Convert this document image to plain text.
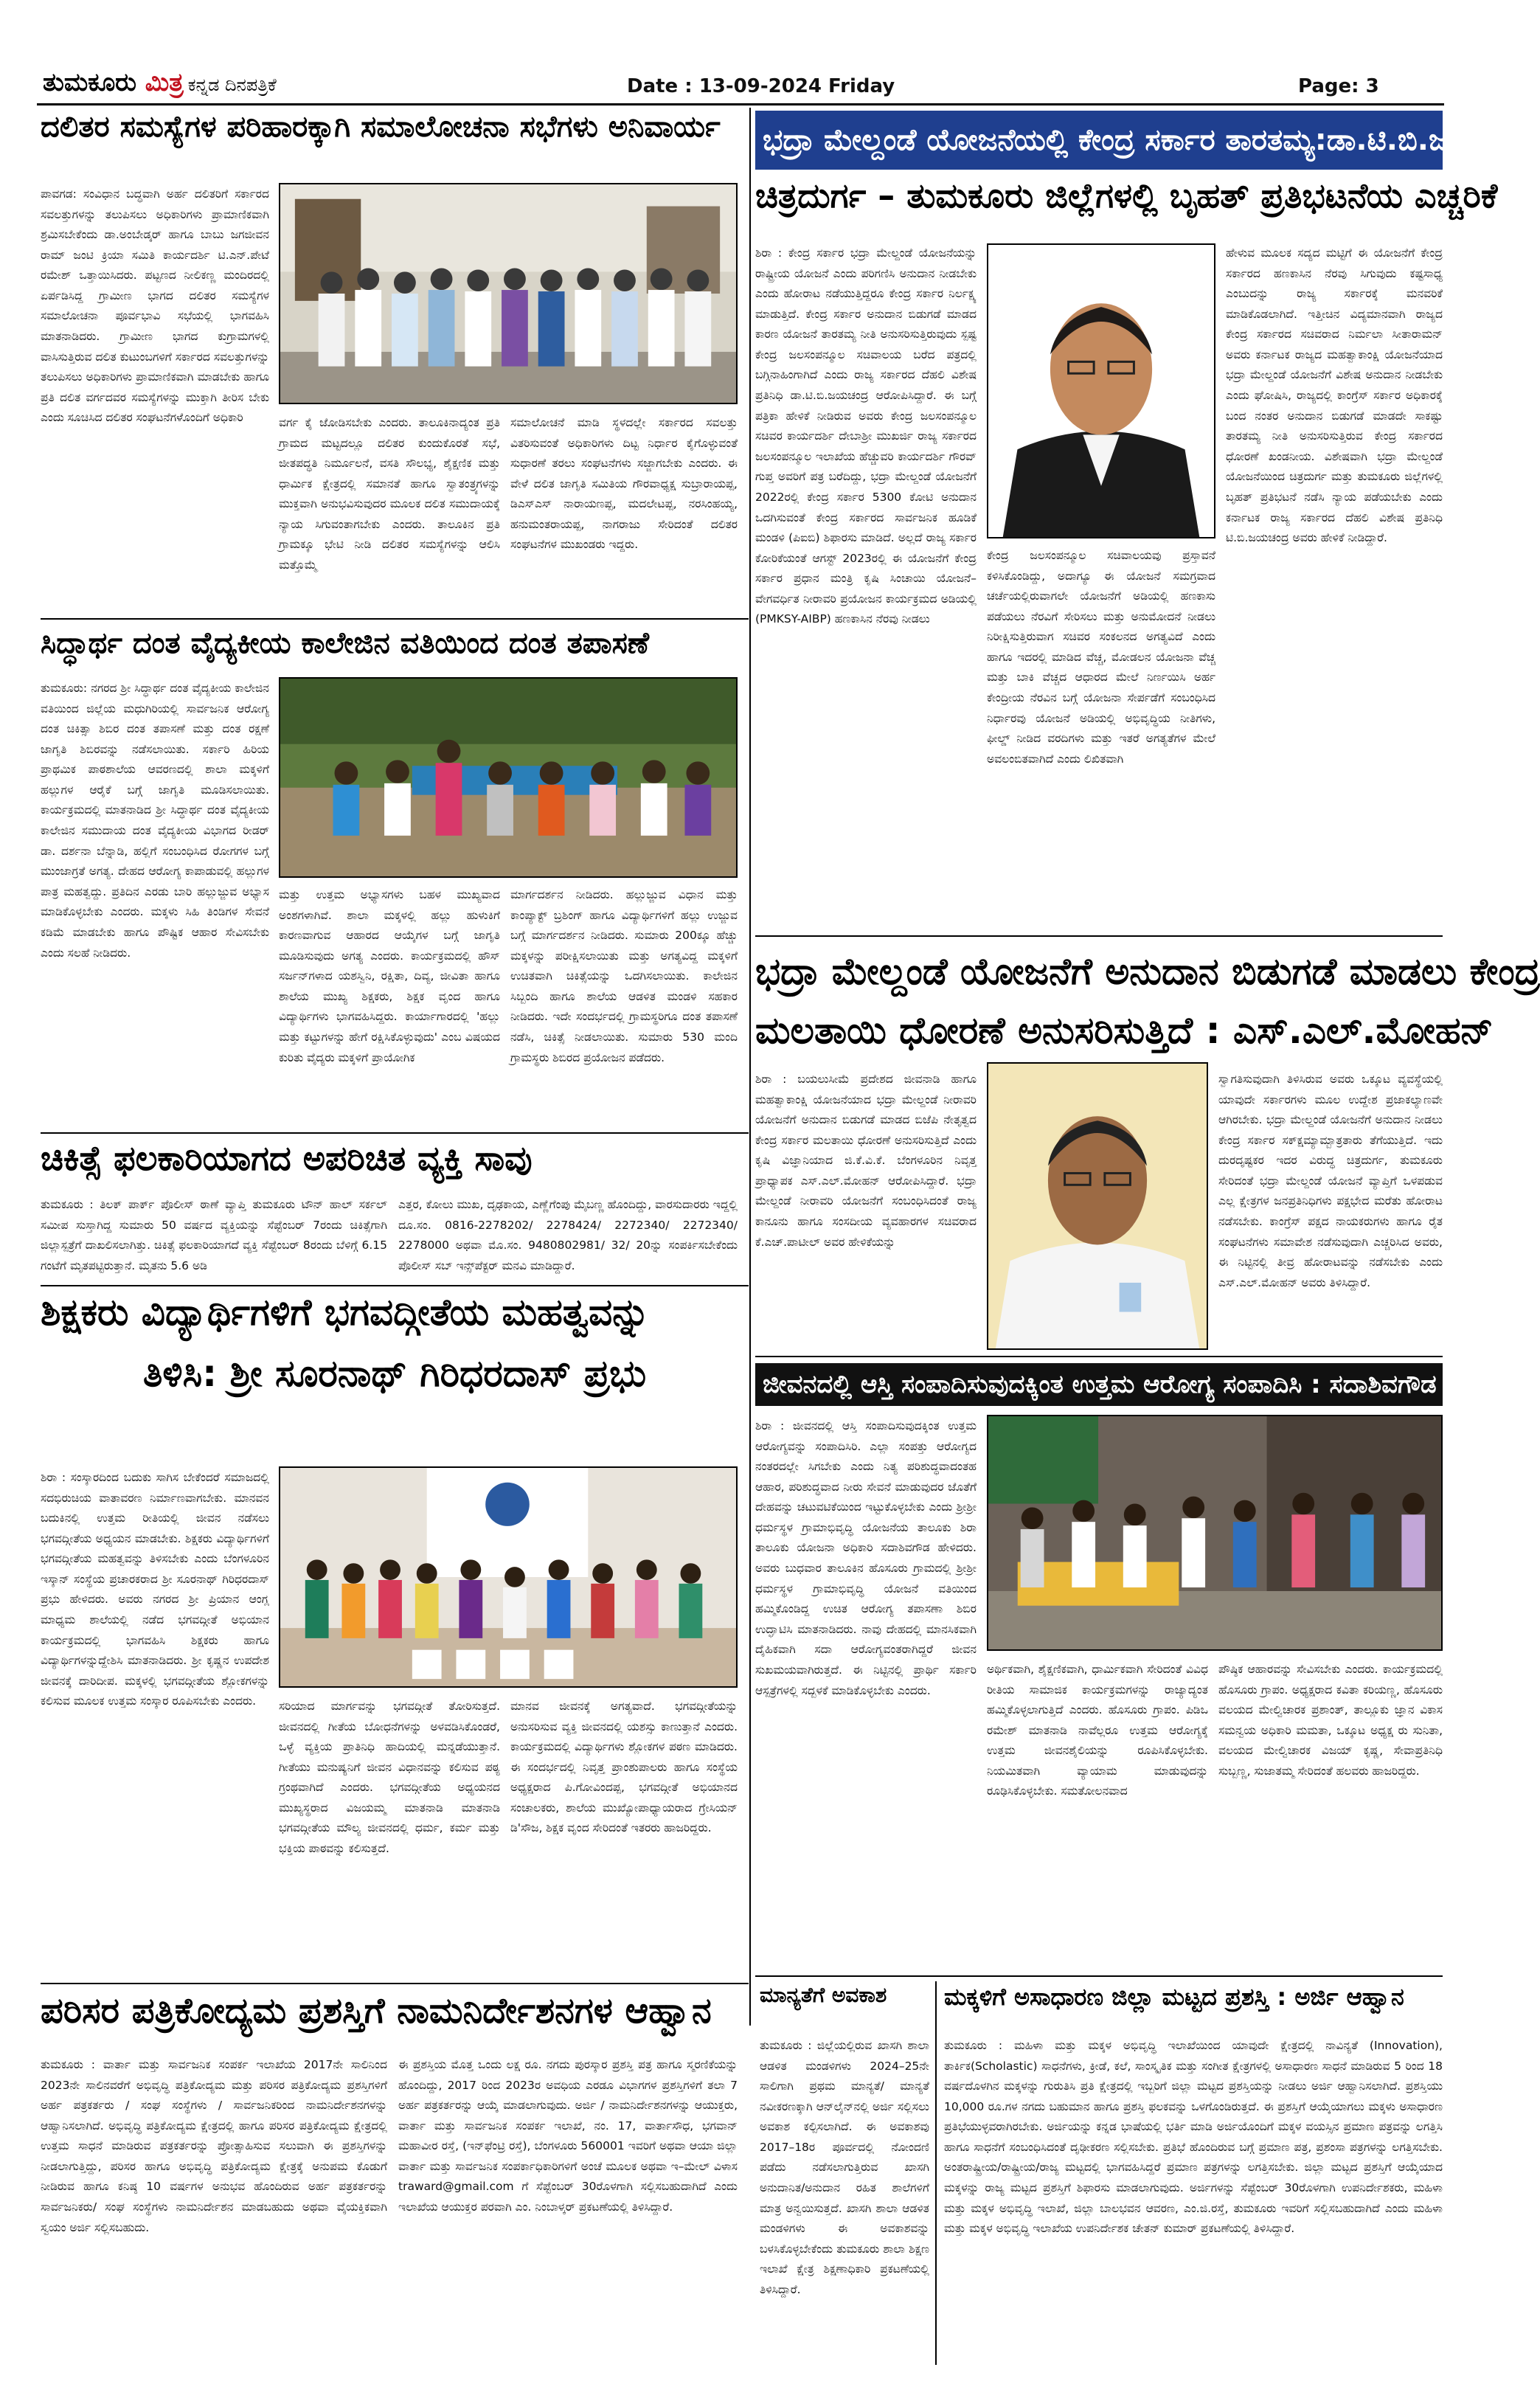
ತುಮಕೂರು ಮಿತ್ರ ಕನ್ನಡ ದಿನಪತ್ರಿಕೆ	Date : 13-09-2024 Friday	Page: 3
ದಲಿತರ ಸಮಸ್ಯೆಗಳ ಪರಿಹಾರಕ್ಕಾಗಿ ಸಮಾಲೋಚನಾ ಸಭೆಗಳು ಅನಿವಾರ್ಯ
ಪಾವಗಡ: ಸಂವಿಧಾನ ಬದ್ಧವಾಗಿ ಅರ್ಹ ದಲಿತರಿಗೆ ಸರ್ಕಾರದ ಸವಲತ್ತುಗಳನ್ನು ತಲುಪಿಸಲು ಅಧಿಕಾರಿಗಳು ಪ್ರಾಮಾಣಿಕವಾಗಿ ಶ್ರಮಿಸಬೇಕೆಂದು ಡಾ.ಅಂಬೇಡ್ಕರ್ ಹಾಗೂ ಬಾಬು ಜಗಜೀವನ ರಾಮ್ ಜಂಟಿ ಕ್ರಿಯಾ ಸಮಿತಿ ಕಾರ್ಯದರ್ಶಿ ಟಿ.ಎನ್.ಪೇಟೆ ರಮೇಶ್ ಒತ್ತಾಯಿಸಿದರು. ಪಟ್ಟಣದ ನೀಲಿಕಣ್ಣ ಮಂದಿರದಲ್ಲಿ ಏರ್ಪಡಿಸಿದ್ದ ಗ್ರಾಮೀಣ ಭಾಗದ ದಲಿತರ ಸಮಸ್ಯೆಗಳ ಸಮಾಲೋಚನಾ ಪೂರ್ವಭಾವಿ ಸಭೆಯಲ್ಲಿ ಭಾಗವಹಿಸಿ ಮಾತನಾಡಿದರು. ಗ್ರಾಮೀಣ ಭಾಗದ ಕುಗ್ರಾಮಗಳಲ್ಲಿ ವಾಸಿಸುತ್ತಿರುವ ದಲಿತ ಕುಟುಂಬಗಳಿಗೆ ಸರ್ಕಾರದ ಸವಲತ್ತುಗಳನ್ನು ತಲುಪಿಸಲು ಅಧಿಕಾರಿಗಳು ಪ್ರಾಮಾಣಿಕವಾಗಿ ಮಾಡಬೇಕು ಹಾಗೂ ಪ್ರತಿ ದಲಿತ ವರ್ಗದವರ ಸಮಸ್ಯೆಗಳನ್ನು ಮುಕ್ತಾಗಿ ತೀರಿಸ ಬೇಕು ಎಂದು ಸೂಚಿಸಿದ ದಲಿತರ ಸಂಘಟನೆಗಳೊಂದಿಗೆ ಅಧಿಕಾರಿ	ವರ್ಗ ಕೈ ಜೋಡಿಸಬೇಕು ಎಂದರು. ತಾಲೂಕಿನಾದ್ಯಂತ ಪ್ರತಿ ಗ್ರಾಮದ ಮಟ್ಟದಲ್ಲೂ ದಲಿತರ ಕುಂದುಕೊರತೆ ಸಭೆ, ಜೀತಪದ್ಧತಿ ನಿರ್ಮೂಲನೆ, ವಸತಿ ಸೌಲಭ್ಯ, ಶೈಕ್ಷಣಿಕ ಮತ್ತು ಧಾರ್ಮಿಕ ಕ್ಷೇತ್ರದಲ್ಲಿ ಸಮಾನತೆ ಹಾಗೂ ಸ್ವಾತಂತ್ರ್ಯಗಳನ್ನು ಮುಕ್ತವಾಗಿ ಅನುಭವಿಸುವುದರ ಮೂಲಕ ದಲಿತ ಸಮುದಾಯಕ್ಕೆ ನ್ಯಾಯ ಸಿಗುವಂತಾಗಬೇಕು ಎಂದರು. ತಾಲೂಕಿನ ಪ್ರತಿ ಗ್ರಾಮಕ್ಕೂ ಭೇಟಿ ನೀಡಿ ದಲಿತರ ಸಮಸ್ಯೆಗಳನ್ನು ಆಲಿಸಿ ಮತ್ತೊಮ್ಮೆ
ಸಮಾಲೋಚನೆ ಮಾಡಿ ಸ್ಥಳದಲ್ಲೇ ಸರ್ಕಾರದ ಸವಲತ್ತು ವಿತರಿಸುವಂತೆ ಅಧಿಕಾರಿಗಳು ದಿಟ್ಟ ನಿರ್ಧಾರ ಕೈಗೊಳ್ಳುವಂತೆ ಸುಧಾರಣೆ ತರಲು ಸಂಘಟನೆಗಳು ಸಜ್ಜಾಗಬೇಕು ಎಂದರು. ಈ ವೇಳೆ ದಲಿತ ಜಾಗೃತಿ ಸಮಿತಿಯ ಗೌರವಾಧ್ಯಕ್ಷ ಸುಬ್ರಾರಾಯಪ್ಪ, ಡಿಎಸ್ಎಸ್ ನಾರಾಯಣಪ್ಪ, ಮದಲೇಟಪ್ಪ, ನರಸಿಂಹಯ್ಯ, ಹನುಮಂತರಾಯಪ್ಪ, ನಾಗರಾಜು ಸೇರಿದಂತೆ ದಲಿತರ ಸಂಘಟನೆಗಳ ಮುಖಂಡರು ಇದ್ದರು.
ಸಿದ್ಧಾರ್ಥ ದಂತ ವೈದ್ಯಕೀಯ ಕಾಲೇಜಿನ ವತಿಯಿಂದ ದಂತ ತಪಾಸಣೆ
ತುಮಕೂರು: ನಗರದ ಶ್ರೀ ಸಿದ್ಧಾರ್ಥ ದಂತ ವೈದ್ಯಕೀಯ ಕಾಲೇಜಿನ ವತಿಯಿಂದ ಜಿಲ್ಲೆಯ ಮಧುಗಿರಿಯಲ್ಲಿ ಸಾರ್ವಜನಿಕ ಆರೋಗ್ಯ ದಂತ ಚಿಕಿತ್ಸಾ ಶಿಬಿರ ದಂತ ತಪಾಸಣೆ ಮತ್ತು ದಂತ ರಕ್ಷಣೆ ಜಾಗೃತಿ ಶಿಬಿರವನ್ನು ನಡೆಸಲಾಯಿತು. ಸರ್ಕಾರಿ ಹಿರಿಯ ಪ್ರಾಥಮಿಕ ಪಾಠಶಾಲೆಯ ಆವರಣದಲ್ಲಿ ಶಾಲಾ ಮಕ್ಕಳಿಗೆ ಹಲ್ಲುಗಳ ಆರೈಕೆ ಬಗ್ಗೆ ಜಾಗೃತಿ ಮೂಡಿಸಲಾಯಿತು. ಕಾರ್ಯಕ್ರಮದಲ್ಲಿ ಮಾತನಾಡಿದ ಶ್ರೀ ಸಿದ್ಧಾರ್ಥ ದಂತ ವೈದ್ಯಕೀಯ ಕಾಲೇಜಿನ ಸಮುದಾಯ ದಂತ ವೈದ್ಯಕೀಯ ವಿಭಾಗದ ರೀಡರ್ ಡಾ. ದರ್ಶನಾ ಬೆನ್ನಾಡಿ, ಹಲ್ಲಿಗೆ ಸಂಬಂಧಿಸಿದ ರೋಗಗಳ ಬಗ್ಗೆ ಮುಂಜಾಗ್ರತೆ ಅಗತ್ಯ. ದೇಹದ ಆರೋಗ್ಯ ಕಾಪಾಡುವಲ್ಲಿ ಹಲ್ಲುಗಳ ಪಾತ್ರ ಮಹತ್ವದ್ದು. ಪ್ರತಿದಿನ ಎರಡು ಬಾರಿ ಹಲ್ಲುಜ್ಜುವ ಅಭ್ಯಾಸ ಮಾಡಿಕೊಳ್ಳಬೇಕು ಎಂದರು. ಮಕ್ಕಳು ಸಿಹಿ ತಿಂಡಿಗಳ ಸೇವನೆ ಕಡಿಮೆ ಮಾಡಬೇಕು ಹಾಗೂ ಪೌಷ್ಟಿಕ ಆಹಾರ ಸೇವಿಸಬೇಕು ಎಂದು ಸಲಹೆ ನೀಡಿದರು.
ಮತ್ತು ಉತ್ತಮ ಅಭ್ಯಾಸಗಳು ಬಹಳ ಮುಖ್ಯವಾದ ಅಂಶಗಳಾಗಿವೆ. ಶಾಲಾ ಮಕ್ಕಳಲ್ಲಿ ಹಲ್ಲು ಹುಳುಕಿಗೆ ಕಾರಣವಾಗುವ ಆಹಾರದ ಆಯ್ಕೆಗಳ ಬಗ್ಗೆ ಜಾಗೃತಿ ಮೂಡಿಸುವುದು ಅಗತ್ಯ ಎಂದರು. ಕಾರ್ಯಕ್ರಮದಲ್ಲಿ ಹೌಸ್ ಸರ್ಜನ್‌ಗಳಾದ ಯಶಸ್ವಿನಿ, ರಕ್ಷಿತಾ, ದಿವ್ಯ, ಜೀವಿತಾ ಹಾಗೂ ಶಾಲೆಯ ಮುಖ್ಯ ಶಿಕ್ಷಕರು, ಶಿಕ್ಷಕ ವೃಂದ ಹಾಗೂ ವಿದ್ಯಾರ್ಥಿಗಳು ಭಾಗವಹಿಸಿದ್ದರು. ಕಾರ್ಯಾಗಾರದಲ್ಲಿ 'ಹಲ್ಲು ಮತ್ತು ಕಟ್ಟುಗಳನ್ನು ಹೇಗೆ ರಕ್ಷಿಸಿಕೊಳ್ಳುವುದು' ಎಂಬ ವಿಷಯದ ಕುರಿತು ವೈದ್ಯರು ಮಕ್ಕಳಿಗೆ ಪ್ರಾಯೋಗಿಕ
ಮಾರ್ಗದರ್ಶನ ನೀಡಿದರು. ಹಲ್ಲುಜ್ಜುವ ವಿಧಾನ ಮತ್ತು ಕಾಂಪ್ಯಾಕ್ಟ್ ಬ್ರಶಿಂಗ್ ಹಾಗೂ ವಿದ್ಯಾರ್ಥಿಗಳಿಗೆ ಹಲ್ಲು ಉಜ್ಜುವ ಬಗ್ಗೆ ಮಾರ್ಗದರ್ಶನ ನೀಡಿದರು. ಸುಮಾರು 200ಕ್ಕೂ ಹೆಚ್ಚು ಮಕ್ಕಳನ್ನು ಪರೀಕ್ಷಿಸಲಾಯಿತು ಮತ್ತು ಅಗತ್ಯವಿದ್ದ ಮಕ್ಕಳಿಗೆ ಉಚಿತವಾಗಿ ಚಿಕಿತ್ಸೆಯನ್ನು ಒದಗಿಸಲಾಯಿತು. ಕಾಲೇಜಿನ ಸಿಬ್ಬಂದಿ ಹಾಗೂ ಶಾಲೆಯ ಆಡಳಿತ ಮಂಡಳಿ ಸಹಕಾರ ನೀಡಿದರು. ಇದೇ ಸಂದರ್ಭದಲ್ಲಿ ಗ್ರಾಮಸ್ಥರಿಗೂ ದಂತ ತಪಾಸಣೆ ನಡೆಸಿ, ಚಿಕಿತ್ಸೆ ನೀಡಲಾಯಿತು. ಸುಮಾರು 530 ಮಂದಿ ಗ್ರಾಮಸ್ಥರು ಶಿಬಿರದ ಪ್ರಯೋಜನ ಪಡೆದರು.
ಚಿಕಿತ್ಸೆ ಫಲಕಾರಿಯಾಗದ ಅಪರಿಚಿತ ವ್ಯಕ್ತಿ ಸಾವು
ತುಮಕೂರು : ತಿಲಕ್ ಪಾರ್ಕ್ ಪೊಲೀಸ್ ಠಾಣೆ ವ್ಯಾಪ್ತಿ ತುಮಕೂರು ಟೌನ್ ಹಾಲ್ ಸರ್ಕಲ್ ಸಮೀಪ ಸುಸ್ತಾಗಿದ್ದ ಸುಮಾರು 50 ವರ್ಷದ ವ್ಯಕ್ತಿಯನ್ನು ಸೆಪ್ಟೆಂಬರ್ 7ರಂದು ಚಿಕಿತ್ಸೆಗಾಗಿ ಜಿಲ್ಲಾಸ್ಪತ್ರೆಗೆ ದಾಖಲಿಸಲಾಗಿತ್ತು. ಚಿಕಿತ್ಸೆ ಫಲಕಾರಿಯಾಗದೆ ವ್ಯಕ್ತಿ ಸೆಪ್ಟೆಂಬರ್ 8ರಂದು ಬೆಳಿಗ್ಗೆ 6.15 ಗಂಟೆಗೆ ಮೃತಪಟ್ಟಿರುತ್ತಾನೆ. ಮೃತನು 5.6 ಅಡಿ
ಎತ್ತರ, ಕೋಲು ಮುಖ, ದೃಢಕಾಯ, ಎಣ್ಣೆಗೆಂಪು ಮೈಬಣ್ಣ ಹೊಂದಿದ್ದು, ವಾರಸುದಾರರು ಇದ್ದಲ್ಲಿ ದೂ.ಸಂ. 0816-2278202/ 2278424/ 2272340/ 2272340/ 2278000 ಅಥವಾ ಮೊ.ಸಂ. 9480802981/ 32/ 20ನ್ನು ಸಂಪರ್ಕಿಸಬೇಕೆಂದು ಪೊಲೀಸ್ ಸಬ್ ಇನ್ಸ್‌ಪೆಕ್ಟರ್ ಮನವಿ ಮಾಡಿದ್ದಾರೆ.
ಶಿಕ್ಷಕರು ವಿದ್ಯಾರ್ಥಿಗಳಿಗೆ ಭಗವದ್ಗೀತೆಯ ಮಹತ್ವವನ್ನು
ತಿಳಿಸಿ: ಶ್ರೀ ಸೂರನಾಥ್ ಗಿರಿಧರದಾಸ್ ಪ್ರಭು
ಶಿರಾ : ಸಂಸ್ಕಾರದಿಂದ ಬದುಕು ಸಾಗಿಸ ಬೇಕೆಂದರೆ ಸಮಾಜದಲ್ಲಿ ಸದಭಿರುಚಿಯ ವಾತಾವರಣ ನಿರ್ಮಾಣವಾಗಬೇಕು. ಮಾನವನ ಬದುಕಿನಲ್ಲಿ ಉತ್ತಮ ರೀತಿಯಲ್ಲಿ ಜೀವನ ನಡೆಸಲು ಭಗವದ್ಗೀತೆಯ ಅಧ್ಯಯನ ಮಾಡಬೇಕು. ಶಿಕ್ಷಕರು ವಿದ್ಯಾರ್ಥಿಗಳಿಗೆ ಭಗವದ್ಗೀತೆಯ ಮಹತ್ವವನ್ನು ತಿಳಿಸಬೇಕು ಎಂದು ಬೆಂಗಳೂರಿನ ಇಸ್ಕಾನ್ ಸಂಸ್ಥೆಯ ಪ್ರಚಾರಕರಾದ ಶ್ರೀ ಸೂರನಾಥ್ ಗಿರಿಧರದಾಸ್ ಪ್ರಭು ಹೇಳಿದರು. ಅವರು ನಗರದ ಶ್ರೀ ಪ್ರಿಯಾನ ಆಂಗ್ಲ ಮಾಧ್ಯಮ ಶಾಲೆಯಲ್ಲಿ ನಡೆದ ಭಗವದ್ಗೀತೆ ಅಭಿಯಾನ ಕಾರ್ಯಕ್ರಮದಲ್ಲಿ ಭಾಗವಹಿಸಿ ಶಿಕ್ಷಕರು ಹಾಗೂ ವಿದ್ಯಾರ್ಥಿಗಳನ್ನುದ್ದೇಶಿಸಿ ಮಾತನಾಡಿದರು. ಶ್ರೀ ಕೃಷ್ಣನ ಉಪದೇಶ ಜೀವನಕ್ಕೆ ದಾರಿದೀಪ. ಮಕ್ಕಳಲ್ಲಿ ಭಗವದ್ಗೀತೆಯ ಶ್ಲೋಕಗಳನ್ನು ಕಲಿಸುವ ಮೂಲಕ ಉತ್ತಮ ಸಂಸ್ಕಾರ ರೂಪಿಸಬೇಕು ಎಂದರು.	ಸರಿಯಾದ ಮಾರ್ಗವನ್ನು ಭಗವದ್ಗೀತೆ ತೋರಿಸುತ್ತದೆ. ಜೀವನದಲ್ಲಿ ಗೀತೆಯ ಬೋಧನೆಗಳನ್ನು ಅಳವಡಿಸಿಕೊಂಡರೆ, ಒಳ್ಳೆ ವ್ಯಕ್ತಿಯ ಪ್ರಾತಿನಿಧಿ ಹಾದಿಯಲ್ಲಿ ಮನ್ನಡೆಯುತ್ತಾನೆ. ಗೀತೆಯು ಮನುಷ್ಯನಿಗೆ ಜೀವನ ವಿಧಾನವನ್ನು ಕಲಿಸುವ ಪಠ್ಯ ಗ್ರಂಥವಾಗಿದೆ ಎಂದರು. ಭಗವದ್ಗೀತೆಯ ಅಧ್ಯಯನದ ಮುಖ್ಯಸ್ಥರಾದ ವಿಜಯಮ್ಮ ಮಾತನಾಡಿ ಮಾತನಾಡಿ ಭಗವದ್ಗೀತೆಯ ಮೌಲ್ಯ ಜೀವನದಲ್ಲಿ ಧರ್ಮ, ಕರ್ಮ ಮತ್ತು ಭಕ್ತಿಯ ಪಾಠವನ್ನು ಕಲಿಸುತ್ತದೆ.
ಮಾನವ ಜೀವನಕ್ಕೆ ಅಗತ್ಯವಾದೆ. ಭಗವದ್ಗೀತೆಯನ್ನು ಅನುಸರಿಸುವ ವ್ಯಕ್ತಿ ಜೀವನದಲ್ಲಿ ಯಶಸ್ಸು ಕಾಣುತ್ತಾನೆ ಎಂದರು. ಕಾರ್ಯಕ್ರಮದಲ್ಲಿ ವಿದ್ಯಾರ್ಥಿಗಳು ಶ್ಲೋಕಗಳ ಪಠಣ ಮಾಡಿದರು. ಈ ಸಂದರ್ಭದಲ್ಲಿ ನಿವೃತ್ತ ಪ್ರಾಂಶುಪಾಲರು ಹಾಗೂ ಸಂಸ್ಥೆಯ ಅಧ್ಯಕ್ಷರಾದ ಪಿ.ಗೋವಿಂದಪ್ಪ, ಭಗವದ್ಗೀತೆ ಅಭಿಯಾನದ ಸಂಚಾಲಕರು, ಶಾಲೆಯ ಮುಖ್ಯೋಪಾಧ್ಯಾಯರಾದ ಗ್ರೇಸಿಯನ್ ಡಿ'ಸೌಜ, ಶಿಕ್ಷಕ ವೃಂದ ಸೇರಿದಂತೆ ಇತರರು ಹಾಜರಿದ್ದರು.
ಭದ್ರಾ ಮೇಲ್ದಂಡೆ ಯೋಜನೆಯಲ್ಲಿ ಕೇಂದ್ರ ಸರ್ಕಾರ ತಾರತಮ್ಯ:ಡಾ.ಟಿ.ಬಿ.ಜಯಚಂದ್ರ
ಚಿತ್ರದುರ್ಗ – ತುಮಕೂರು ಜಿಲ್ಲೆಗಳಲ್ಲಿ ಬೃಹತ್ ಪ್ರತಿಭಟನೆಯ ಎಚ್ಚರಿಕೆ
ಶಿರಾ : ಕೇಂದ್ರ ಸರ್ಕಾರ ಭದ್ರಾ ಮೇಲ್ದಂಡೆ ಯೋಜನೆಯನ್ನು ರಾಷ್ಟ್ರೀಯ ಯೋಜನೆ ಎಂದು ಪರಿಗಣಿಸಿ ಅನುದಾನ ನೀಡಬೇಕು ಎಂದು ಹೋರಾಟ ನಡೆಯುತ್ತಿದ್ದರೂ ಕೇಂದ್ರ ಸರ್ಕಾರ ನಿರ್ಲಕ್ಷ್ಯ ಮಾಡುತ್ತಿದೆ. ಕೇಂದ್ರ ಸರ್ಕಾರ ಅನುದಾನ ಬಿಡುಗಡೆ ಮಾಡದ ಕಾರಣ ಯೋಜನೆ ತಾರತಮ್ಯ ನೀತಿ ಅನುಸರಿಸುತ್ತಿರುವುದು ಸ್ಪಷ್ಟ ಕೇಂದ್ರ ಜಲಸಂಪನ್ಮೂಲ ಸಚಿವಾಲಯ ಬರೆದ ಪತ್ರದಲ್ಲಿ ಬಗ್ಗಿನಾಹಿಂಗಾಗಿದೆ ಎಂದು ರಾಜ್ಯ ಸರ್ಕಾರದ ದೆಹಲಿ ವಿಶೇಷ ಪ್ರತಿನಿಧಿ ಡಾ.ಟಿ.ಬಿ.ಜಯಚಂದ್ರ ಆರೋಪಿಸಿದ್ದಾರೆ. ಈ ಬಗ್ಗೆ ಪತ್ರಿಕಾ ಹೇಳಿಕೆ ನೀಡಿರುವ ಅವರು ಕೇಂದ್ರ ಜಲಸಂಪನ್ಮೂಲ ಸಚಿವರ ಕಾರ್ಯದರ್ಶಿ ದೇಬಾಶ್ರೀ ಮುಖರ್ಜಿ ರಾಜ್ಯ ಸರ್ಕಾರದ ಜಲಸಂಪನ್ಮೂಲ ಇಲಾಖೆಯ ಹೆಚ್ಚುವರಿ ಕಾರ್ಯದರ್ಶಿ ಗೌರವ್ ಗುಪ್ತ ಅವರಿಗೆ ಪತ್ರ ಬರೆದಿದ್ದು, ಭದ್ರಾ ಮೇಲ್ದಂಡೆ ಯೋಜನೆಗೆ 2022ರಲ್ಲಿ ಕೇಂದ್ರ ಸರ್ಕಾರ 5300 ಕೋಟಿ ಅನುದಾನ ಒದಗಿಸುವಂತೆ ಕೇಂದ್ರ ಸರ್ಕಾರದ ಸಾರ್ವಜನಿಕ ಹೂಡಿಕೆ ಮಂಡಳಿ (ಪಿಐಬಿ) ಶಿಫಾರಸು ಮಾಡಿದೆ. ಅಲ್ಲದೆ ರಾಜ್ಯ ಸರ್ಕಾರ ಕೋರಿಕೆಯಂತೆ ಆಗಸ್ಟ್ 2023ರಲ್ಲಿ ಈ ಯೋಜನೆಗೆ ಕೇಂದ್ರ ಸರ್ಕಾರ ಪ್ರಧಾನ ಮಂತ್ರಿ ಕೃಷಿ ಸಿಂಚಾಯಿ ಯೋಜನೆ–ವೇಗವರ್ಧಿತ ನೀರಾವರಿ ಪ್ರಯೋಜನ ಕಾರ್ಯಕ್ರಮದ ಅಡಿಯಲ್ಲಿ (PMKSY-AIBP) ಹಣಕಾಸಿನ ನೆರವು ನೀಡಲು
ಕೇಂದ್ರ ಜಲಸಂಪನ್ಮೂಲ ಸಚಿವಾಲಯವು ಪ್ರಸ್ತಾವನೆ ಕಳಿಸಿಕೊಂಡಿದ್ದು, ಅದಾಗ್ಯೂ ಈ ಯೋಜನೆ ಸಮಗ್ರವಾದ ಚರ್ಚೆಯಲ್ಲಿರುವಾಗಲೇ ಯೋಜನೆಗೆ ಅಡಿಯಲ್ಲಿ ಹಣಕಾಸು ಪಡೆಯಲು ನೆರವಿಗೆ ಸೇರಿಸಲು ಮತ್ತು ಅನುಮೋದನೆ ನೀಡಲು ನಿರೀಕ್ಷಿಸುತ್ತಿರುವಾಗ ಸಚಿವರ ಸಂಕಲನದ ಅಗತ್ಯವಿದೆ ಎಂದು ಹಾಗೂ ಇದರಲ್ಲಿ ಮಾಡಿದ ವೆಚ್ಚ, ಮೋಡಲನ ಯೋಜನಾ ವೆಚ್ಚ ಮತ್ತು ಬಾಕಿ ವೆಚ್ಚದ ಆಧಾರದ ಮೇಲೆ ನಿರ್ಣಯಿಸಿ ಅರ್ಹ ಕೇಂದ್ರೀಯ ನೆರವಿನ ಬಗ್ಗೆ ಯೋಜನಾ ಸೇರ್ಪಡೆಗೆ ಸಂಬಂಧಿಸಿದ ನಿರ್ಧಾರವು ಯೋಜನೆ ಅಡಿಯಲ್ಲಿ ಅಭಿವೃದ್ಧಿಯ ನೀತಿಗಳು, ಫೀಲ್ಡ್ ನೀಡಿದ ವರದಿಗಳು ಮತ್ತು ಇತರೆ ಅಗತ್ಯತೆಗಳ ಮೇಲೆ ಅವಲಂಬಿತವಾಗಿದೆ ಎಂದು ಲಿಖಿತವಾಗಿ
ಹೇಳುವ ಮೂಲಕ ಸದ್ಯದ ಮಟ್ಟಿಗೆ ಈ ಯೋಜನೆಗೆ ಕೇಂದ್ರ ಸರ್ಕಾರದ ಹಣಕಾಸಿನ ನೆರವು ಸಿಗುವುದು ಕಷ್ಟಸಾಧ್ಯ ಎಂಬುದನ್ನು ರಾಜ್ಯ ಸರ್ಕಾರಕ್ಕೆ ಮನವರಿಕೆ ಮಾಡಿಕೊಡಲಾಗಿದೆ. ಇತ್ತೀಚಿನ ವಿದ್ಯಮಾನವಾಗಿ ರಾಜ್ಯದ ಕೇಂದ್ರ ಸರ್ಕಾರದ ಸಚಿವರಾದ ನಿರ್ಮಲಾ ಸೀತಾರಾಮನ್ ಅವರು ಕರ್ನಾಟಕ ರಾಜ್ಯದ ಮಹತ್ವಾಕಾಂಕ್ಷಿ ಯೋಜನೆಯಾದ ಭದ್ರಾ ಮೇಲ್ದಂಡೆ ಯೋಜನೆಗೆ ವಿಶೇಷ ಅನುದಾನ ನೀಡಬೇಕು ಎಂದು ಘೋಷಿಸಿ, ರಾಜ್ಯದಲ್ಲಿ ಕಾಂಗ್ರೆಸ್ ಸರ್ಕಾರ ಅಧಿಕಾರಕ್ಕೆ ಬಂದ ನಂತರ ಅನುದಾನ ಬಿಡುಗಡೆ ಮಾಡದೇ ಸಾಕಷ್ಟು ತಾರತಮ್ಯ ನೀತಿ ಅನುಸರಿಸುತ್ತಿರುವ ಕೇಂದ್ರ ಸರ್ಕಾರದ ಧೋರಣೆ ಖಂಡನೀಯ. ವಿಶೇಷವಾಗಿ ಭದ್ರಾ ಮೇಲ್ದಂಡೆ ಯೋಜನೆಯಿಂದ ಚಿತ್ರದುರ್ಗ ಮತ್ತು ತುಮಕೂರು ಜಿಲ್ಲೆಗಳಲ್ಲಿ ಬೃಹತ್ ಪ್ರತಿಭಟನೆ ನಡೆಸಿ ನ್ಯಾಯ ಪಡೆಯಬೇಕು ಎಂದು ಕರ್ನಾಟಕ ರಾಜ್ಯ ಸರ್ಕಾರದ ದೆಹಲಿ ವಿಶೇಷ ಪ್ರತಿನಿಧಿ ಟಿ.ಬಿ.ಜಯಚಂದ್ರ ಅವರು ಹೇಳಿಕೆ ನೀಡಿದ್ದಾರೆ.
ಭದ್ರಾ ಮೇಲ್ದಂಡೆ ಯೋಜನೆಗೆ ಅನುದಾನ ಬಿಡುಗಡೆ ಮಾಡಲು ಕೇಂದ್ರ
ಮಲತಾಯಿ ಧೋರಣೆ ಅನುಸರಿಸುತ್ತಿದೆ : ಎಸ್.ಎಲ್.ಮೋಹನ್
ಶಿರಾ : ಬಯಲುಸೀಮೆ ಪ್ರದೇಶದ ಜೀವನಾಡಿ ಹಾಗೂ ಮಹತ್ವಾಕಾಂಕ್ಷಿ ಯೋಜನೆಯಾದ ಭದ್ರಾ ಮೇಲ್ದಂಡೆ ನೀರಾವರಿ ಯೋಜನೆಗೆ ಅನುದಾನ ಬಿಡುಗಡೆ ಮಾಡದ ಬಿಜೆಪಿ ನೇತೃತ್ವದ ಕೇಂದ್ರ ಸರ್ಕಾರ ಮಲತಾಯಿ ಧೋರಣೆ ಅನುಸರಿಸುತ್ತಿದೆ ಎಂದು ಕೃಷಿ ವಿಜ್ಞಾನಿಯಾದ ಜಿ.ಕೆ.ವಿ.ಕೆ. ಬೆಂಗಳೂರಿನ ನಿವೃತ್ತ ಪ್ರಾಧ್ಯಾಪಕ ಎಸ್.ಎಲ್.ಮೋಹನ್ ಆರೋಪಿಸಿದ್ದಾರೆ. ಭದ್ರಾ ಮೇಲ್ದಂಡೆ ನೀರಾವರಿ ಯೋಜನೆಗೆ ಸಂಬಂಧಿಸಿದಂತೆ ರಾಜ್ಯ ಕಾನೂನು ಹಾಗೂ ಸಂಸದೀಯ ವ್ಯವಹಾರಗಳ ಸಚಿವರಾದ ಕೆ.ಎಚ್.ಪಾಟೀಲ್ ಅವರ ಹೇಳಿಕೆಯನ್ನು
ಸ್ವಾಗತಿಸುವುದಾಗಿ ತಿಳಿಸಿರುವ ಅವರು ಒಕ್ಕೂಟ ವ್ಯವಸ್ಥೆಯಲ್ಲಿ ಯಾವುದೇ ಸರ್ಕಾರಗಳು ಮೂಲ ಉದ್ದೇಶ ಪ್ರಜಾಕಲ್ಯಾಣವೇ ಆಗಿರಬೇಕು. ಭದ್ರಾ ಮೇಲ್ದಂಡೆ ಯೋಜನೆಗೆ ಅನುದಾನ ನೀಡಲು ಕೇಂದ್ರ ಸರ್ಕಾರ ಸಕ್ಕ್ಷಮ್ಯಾಮ್ಬಾತ್ರತಾರು ತೆಗೆಯುತ್ತಿದೆ. ಇದು ದುರದೃಷ್ಟಕರ ಇದರ ವಿರುದ್ಧ ಚಿತ್ರದುರ್ಗ, ತುಮಕೂರು ಸೇರಿದಂತೆ ಭದ್ರಾ ಮೇಲ್ದಂಡೆ ಯೋಜನೆ ವ್ಯಾಪ್ತಿಗೆ ಒಳಪಡುವ ಎಲ್ಲ ಕ್ಷೇತ್ರಗಳ ಜನಪ್ರತಿನಿಧಿಗಳು ಪಕ್ಷಭೇದ ಮರೆತು ಹೋರಾಟ ನಡೆಸಬೇಕು. ಕಾಂಗ್ರೆಸ್ ಪಕ್ಷದ ನಾಯಕರುಗಳು ಹಾಗೂ ರೈತ ಸಂಘಟನೆಗಳು ಸಮಾವೇಶ ನಡೆಸುವುದಾಗಿ ಎಚ್ಚರಿಸಿದ ಅವರು, ಈ ನಿಟ್ಟಿನಲ್ಲಿ ತೀವ್ರ ಹೋರಾಟವನ್ನು ನಡೆಸಬೇಕು ಎಂದು ಎಸ್.ಎಲ್.ಮೋಹನ್ ಅವರು ತಿಳಿಸಿದ್ದಾರೆ.
ಜೀವನದಲ್ಲಿ ಆಸ್ತಿ ಸಂಪಾದಿಸುವುದಕ್ಕಿಂತ ಉತ್ತಮ ಆರೋಗ್ಯ ಸಂಪಾದಿಸಿ : ಸದಾಶಿವಗೌಡ
ಶಿರಾ : ಜೀವನದಲ್ಲಿ ಆಸ್ತಿ ಸಂಪಾದಿಸುವುದಕ್ಕಿಂತ ಉತ್ತಮ ಆರೋಗ್ಯವನ್ನು ಸಂಪಾದಿಸಿರಿ. ಎಲ್ಲಾ ಸಂಪತ್ತು ಆರೋಗ್ಯದ ನಂತರದಲ್ಲೇ ಸಿಗಬೇಕು ಎಂದು ನಿತ್ಯ ಪರಿಶುದ್ಧವಾದಂತಹ ಆಹಾರ, ಪರಿಶುದ್ಧವಾದ ನೀರು ಸೇವನೆ ಮಾಡುವುದರ ಜೊತೆಗೆ ದೇಹವನ್ನು ಚಟುವಟಿಕೆಯಿಂದ ಇಟ್ಟುಕೊಳ್ಳಬೇಕು ಎಂದು ಶ್ರೀಶ್ರೀ ಧರ್ಮಸ್ಥಳ ಗ್ರಾಮಾಭಿವೃದ್ಧಿ ಯೋಜನೆಯ ತಾಲೂಕು ಶಿರಾ ತಾಲೂಕು ಯೋಜನಾ ಅಧಿಕಾರಿ ಸದಾಶಿವಗೌಡ ಹೇಳಿದರು. ಅವರು ಬುಧವಾರ ತಾಲೂಕಿನ ಹೊಸೂರು ಗ್ರಾಮದಲ್ಲಿ ಶ್ರೀಶ್ರೀ ಧರ್ಮಸ್ಥಳ ಗ್ರಾಮಾಭಿವೃದ್ಧಿ ಯೋಜನೆ ವತಿಯಿಂದ ಹಮ್ಮಿಕೊಂಡಿದ್ದ ಉಚಿತ ಆರೋಗ್ಯ ತಪಾಸಣಾ ಶಿಬಿರ ಉದ್ಘಾಟಿಸಿ ಮಾತನಾಡಿದರು. ನಾವು ದೇಹದಲ್ಲಿ ಮಾನಸಿಕವಾಗಿ ದೈಹಿಕವಾಗಿ ಸದಾ ಆರೋಗ್ಯವಂತರಾಗಿದ್ದರೆ ಜೀವನ ಸುಖಮಯವಾಗಿರುತ್ತದೆ. ಈ ನಿಟ್ಟಿನಲ್ಲಿ ಪ್ರಾರ್ಥಿ ಸರ್ಕಾರಿ ಆಸ್ಪತ್ರೆಗಳಲ್ಲಿ ಸದ್ಬಳಕೆ ಮಾಡಿಕೊಳ್ಳಬೇಕು ಎಂದರು.
ಅರ್ಥಿಕವಾಗಿ, ಶೈಕ್ಷಣಿಕವಾಗಿ, ಧಾರ್ಮಿಕವಾಗಿ ಸೇರಿದಂತೆ ವಿವಿಧ ರೀತಿಯ ಸಾಮಾಜಿಕ ಕಾರ್ಯಕ್ರಮಗಳನ್ನು ರಾಜ್ಯಾದ್ಯಂತ ಹಮ್ಮಿಕೊಳ್ಳಲಾಗುತ್ತಿದೆ ಎಂದರು. ಹೊಸೂರು ಗ್ರಾಪಂ. ಪಿಡಿಒ ರಮೇಶ್ ಮಾತನಾಡಿ ನಾವೆಲ್ಲರೂ ಉತ್ತಮ ಆರೋಗ್ಯಕ್ಕೆ ಉತ್ತಮ ಜೀವನಶೈಲಿಯನ್ನು ರೂಪಿಸಿಕೊಳ್ಳಬೇಕು. ನಿಯಮಿತವಾಗಿ ವ್ಯಾಯಾಮ ಮಾಡುವುದನ್ನು ರೂಢಿಸಿಕೊಳ್ಳಬೇಕು. ಸಮತೋಲನವಾದ
ಪೌಷ್ಠಿಕ ಆಹಾರವನ್ನು ಸೇವಿಸಬೇಕು ಎಂದರು. ಕಾರ್ಯಕ್ರಮದಲ್ಲಿ ಹೊಸೂರು ಗ್ರಾಪಂ. ಅಧ್ಯಕ್ಷರಾದ ಕವಿತಾ ಕರಿಯಣ್ಣ, ಹೊಸೂರು ವಲಯದ ಮೇಲ್ವಿಚಾರಕ ಪ್ರಶಾಂತ್, ತಾಲ್ಲೂಕು ಜ್ಞಾನ ವಿಕಾಸ ಸಮನ್ವಯ ಅಧಿಕಾರಿ ಮಮತಾ, ಒಕ್ಕೂಟ ಅಧ್ಯಕ್ಷ ರು ಸುನಿತಾ, ವಲಯದ ಮೇಲ್ವಿಚಾರಕ ವಿಜಯ್ ಕೃಷ್ಣ, ಸೇವಾಪ್ರತಿನಿಧಿ ಸುಬ್ಬಣ್ಣ, ಸುಜಾತಮ್ಮ ಸೇರಿದಂತೆ ಹಲವರು ಹಾಜರಿದ್ದರು.
ಪರಿಸರ ಪತ್ರಿಕೋದ್ಯಮ ಪ್ರಶಸ್ತಿಗೆ ನಾಮನಿರ್ದೇಶನಗಳ ಆಹ್ವಾನ
ತುಮಕೂರು : ವಾರ್ತಾ ಮತ್ತು ಸಾರ್ವಜನಿಕ ಸಂಪರ್ಕ ಇಲಾಖೆಯ 2017ನೇ ಸಾಲಿನಿಂದ 2023ನೇ ಸಾಲಿನವರೆಗೆ ಅಭಿವೃದ್ಧಿ ಪತ್ರಿಕೋದ್ಯಮ ಮತ್ತು ಪರಿಸರ ಪತ್ರಿಕೋದ್ಯಮ ಪ್ರಶಸ್ತಿಗಳಿಗೆ ಅರ್ಹ ಪತ್ರಕರ್ತರು / ಸಂಘ ಸಂಸ್ಥೆಗಳು / ಸಾರ್ವಜನಿಕರಿಂದ ನಾಮನಿರ್ದೇಶನಗಳನ್ನು ಆಹ್ವಾನಿಸಲಾಗಿದೆ. ಅಭಿವೃದ್ಧಿ ಪತ್ರಿಕೋದ್ಯಮ ಕ್ಷೇತ್ರದಲ್ಲಿ ಹಾಗೂ ಪರಿಸರ ಪತ್ರಿಕೋದ್ಯಮ ಕ್ಷೇತ್ರದಲ್ಲಿ ಉತ್ತಮ ಸಾಧನೆ ಮಾಡಿರುವ ಪತ್ರಕರ್ತರನ್ನು ಪ್ರೋತ್ಸಾಹಿಸುವ ಸಲುವಾಗಿ ಈ ಪ್ರಶಸ್ತಿಗಳನ್ನು ನೀಡಲಾಗುತ್ತಿದ್ದು, ಪರಿಸರ ಹಾಗೂ ಅಭಿವೃದ್ಧಿ ಪತ್ರಿಕೋದ್ಯಮ ಕ್ಷೇತ್ರಕ್ಕೆ ಅನುಪಮ ಕೊಡುಗೆ ನೀಡಿರುವ ಹಾಗೂ ಕನಿಷ್ಠ 10 ವರ್ಷಗಳ ಅನುಭವ ಹೊಂದಿರುವ ಅರ್ಹ ಪತ್ರಕರ್ತರನ್ನು ಸಾರ್ವಜನಿಕರು/ ಸಂಘ ಸಂಸ್ಥೆಗಳು ನಾಮನಿರ್ದೇಶನ ಮಾಡಬಹುದು ಅಥವಾ ವೈಯಕ್ತಿಕವಾಗಿ ಸ್ವಯಂ ಅರ್ಜಿ ಸಲ್ಲಿಸಬಹುದು.
ಈ ಪ್ರಶಸ್ತಿಯ ಮೊತ್ತ ಒಂದು ಲಕ್ಷ ರೂ. ನಗದು ಪುರಸ್ಕಾರ ಪ್ರಶಸ್ತಿ ಪತ್ರ ಹಾಗೂ ಸ್ಮರಣಿಕೆಯನ್ನು ಹೊಂದಿದ್ದು, 2017 ರಿಂದ 2023ರ ಅವಧಿಯ ಎರಡೂ ವಿಭಾಗಗಳ ಪ್ರಶಸ್ತಿಗಳಿಗೆ ತಲಾ 7 ಅರ್ಹ ಪತ್ರಕರ್ತರನ್ನು ಆಯ್ಕೆ ಮಾಡಲಾಗುವುದು. ಅರ್ಜಿ / ನಾಮನಿರ್ದೇಶನಗಳನ್ನು ಆಯುಕ್ತರು, ವಾರ್ತಾ ಮತ್ತು ಸಾರ್ವಜನಿಕ ಸಂಪರ್ಕ ಇಲಾಖೆ, ನಂ. 17, ವಾರ್ತಾಸೌಧ, ಭಗವಾನ್ ಮಹಾವೀರ ರಸ್ತೆ, (ಇನ್‌ಫೆಂಟ್ರಿ ರಸ್ತೆ), ಬೆಂಗಳೂರು 560001 ಇವರಿಗೆ ಅಥವಾ ಆಯಾ ಜಿಲ್ಲಾ ವಾರ್ತಾ ಮತ್ತು ಸಾರ್ವಜನಿಕ ಸಂಪರ್ಕಾಧಿಕಾರಿಗಳಿಗೆ ಅಂಚೆ ಮೂಲಕ ಅಥವಾ ಇ–ಮೇಲ್ ವಿಳಾಸ traward@gmail.com ಗೆ ಸೆಪ್ಟೆಂಬರ್ 30ರೊಳಗಾಗಿ ಸಲ್ಲಿಸಬಹುದಾಗಿದೆ ಎಂದು ಇಲಾಖೆಯ ಆಯುಕ್ತರ ಪರವಾಗಿ ಎಂ. ನಿಂಬಾಳ್ಕರ್ ಪ್ರಕಟಣೆಯಲ್ಲಿ ತಿಳಿಸಿದ್ದಾರೆ.
ಮಾನ್ಯತೆಗೆ ಅವಕಾಶ
ತುಮಕೂರು : ಜಿಲ್ಲೆಯಲ್ಲಿರುವ ಖಾಸಗಿ ಶಾಲಾ ಆಡಳಿತ ಮಂಡಳಿಗಳು 2024–25ನೇ ಸಾಲಿಗಾಗಿ ಪ್ರಥಮ ಮಾನ್ಯತೆ/ ಮಾನ್ಯತೆ ನವೀಕರಣಕ್ಕಾಗಿ ಆನ್‌ಲೈನ್‌ನಲ್ಲಿ ಅರ್ಜಿ ಸಲ್ಲಿಸಲು ಅವಕಾಶ ಕಲ್ಪಿಸಲಾಗಿದೆ. ಈ ಅವಕಾಶವು 2017–18ರ ಪೂರ್ವದಲ್ಲಿ ನೋಂದಣಿ ಪಡೆದು ನಡೆಸಲಾಗುತ್ತಿರುವ ಖಾಸಗಿ ಅನುದಾನಿತ/ಅನುದಾನ ರಹಿತ ಶಾಲೆಗಳಿಗೆ ಮಾತ್ರ ಅನ್ವಯಿಸುತ್ತದೆ. ಖಾಸಗಿ ಶಾಲಾ ಆಡಳಿತ ಮಂಡಳಿಗಳು ಈ ಅವಕಾಶವನ್ನು ಬಳಸಿಕೊಳ್ಳಬೇಕೆಂದು ತುಮಕೂರು ಶಾಲಾ ಶಿಕ್ಷಣ ಇಲಾಖೆ ಕ್ಷೇತ್ರ ಶಿಕ್ಷಣಾಧಿಕಾರಿ ಪ್ರಕಟಣೆಯಲ್ಲಿ ತಿಳಿಸಿದ್ದಾರೆ.
ಮಕ್ಕಳಿಗೆ ಅಸಾಧಾರಣ ಜಿಲ್ಲಾ ಮಟ್ಟದ ಪ್ರಶಸ್ತಿ : ಅರ್ಜಿ ಆಹ್ವಾನ
ತುಮಕೂರು : ಮಹಿಳಾ ಮತ್ತು ಮಕ್ಕಳ ಅಭಿವೃದ್ಧಿ ಇಲಾಖೆಯಿಂದ ಯಾವುದೇ ಕ್ಷೇತ್ರದಲ್ಲಿ ನಾವಿನ್ಯತೆ (Innovation), ತಾರ್ಕಿಕ(Scholastic) ಸಾಧನೆಗಳು, ಕ್ರೀಡೆ, ಕಲೆ, ಸಾಂಸ್ಕೃತಿಕ ಮತ್ತು ಸಂಗೀತ ಕ್ಷೇತ್ರಗಳಲ್ಲಿ ಅಸಾಧಾರಣ ಸಾಧನೆ ಮಾಡಿರುವ 5 ರಿಂದ 18 ವರ್ಷದೊಳಗಿನ ಮಕ್ಕಳನ್ನು ಗುರುತಿಸಿ ಪ್ರತಿ ಕ್ಷೇತ್ರದಲ್ಲಿ ಇಬ್ಬರಿಗೆ ಜಿಲ್ಲಾ ಮಟ್ಟದ ಪ್ರಶಸ್ತಿಯನ್ನು ನೀಡಲು ಅರ್ಜಿ ಆಹ್ವಾನಿಸಲಾಗಿದೆ. ಪ್ರಶಸ್ತಿಯು 10,000 ರೂ.ಗಳ ನಗದು ಬಹುಮಾನ ಹಾಗೂ ಪ್ರಶಸ್ತಿ ಫಲಕವನ್ನು ಒಳಗೊಂಡಿರುತ್ತದೆ. ಈ ಪ್ರಶಸ್ತಿಗೆ ಆಯ್ಕೆಯಾಗಲು ಮಕ್ಕಳು ಅಸಾಧಾರಣ ಪ್ರತಿಭೆಯುಳ್ಳವರಾಗಿರಬೇಕು. ಅರ್ಜಿಯನ್ನು ಕನ್ನಡ ಭಾಷೆಯಲ್ಲಿ ಭರ್ತಿ ಮಾಡಿ ಅರ್ಜಿಯೊಂದಿಗೆ ಮಕ್ಕಳ ವಯಸ್ಸಿನ ಪ್ರಮಾಣ ಪತ್ರವನ್ನು ಲಗತ್ತಿಸಿ ಹಾಗೂ ಸಾಧನೆಗೆ ಸಂಬಂಧಿಸಿದಂತೆ ದೃಢೀಕರಣ ಸಲ್ಲಿಸಬೇಕು. ಪ್ರತಿಭೆ ಹೊಂದಿರುವ ಬಗ್ಗೆ ಪ್ರಮಾಣ ಪತ್ರ, ಪ್ರಶಂಸಾ ಪತ್ರಗಳನ್ನು ಲಗತ್ತಿಸಬೇಕು. ಅಂತರಾಷ್ಟ್ರೀಯ/ರಾಷ್ಟ್ರೀಯ/ರಾಜ್ಯ ಮಟ್ಟದಲ್ಲಿ ಭಾಗವಹಿಸಿದ್ದರೆ ಪ್ರಮಾಣ ಪತ್ರಗಳನ್ನು ಲಗತ್ತಿಸಬೇಕು. ಜಿಲ್ಲಾ ಮಟ್ಟದ ಪ್ರಶಸ್ತಿಗೆ ಆಯ್ಕೆಯಾದ ಮಕ್ಕಳನ್ನು ರಾಜ್ಯ ಮಟ್ಟದ ಪ್ರಶಸ್ತಿಗೆ ಶಿಫಾರಸು ಮಾಡಲಾಗುವುದು. ಅರ್ಜಿಗಳನ್ನು ಸೆಪ್ಟೆಂಬರ್ 30ರೊಳಗಾಗಿ ಉಪನಿರ್ದೇಶಕರು, ಮಹಿಳಾ ಮತ್ತು ಮಕ್ಕಳ ಅಭಿವೃದ್ಧಿ ಇಲಾಖೆ, ಜಿಲ್ಲಾ ಬಾಲಭವನ ಆವರಣ, ಎಂ.ಜಿ.ರಸ್ತೆ, ತುಮಕೂರು ಇವರಿಗೆ ಸಲ್ಲಿಸಬಹುದಾಗಿದೆ ಎಂದು ಮಹಿಳಾ ಮತ್ತು ಮಕ್ಕಳ ಅಭಿವೃದ್ಧಿ ಇಲಾಖೆಯ ಉಪನಿರ್ದೇಶಕ ಚೇತನ್ ಕುಮಾರ್ ಪ್ರಕಟಣೆಯಲ್ಲಿ ತಿಳಿಸಿದ್ದಾರೆ.
